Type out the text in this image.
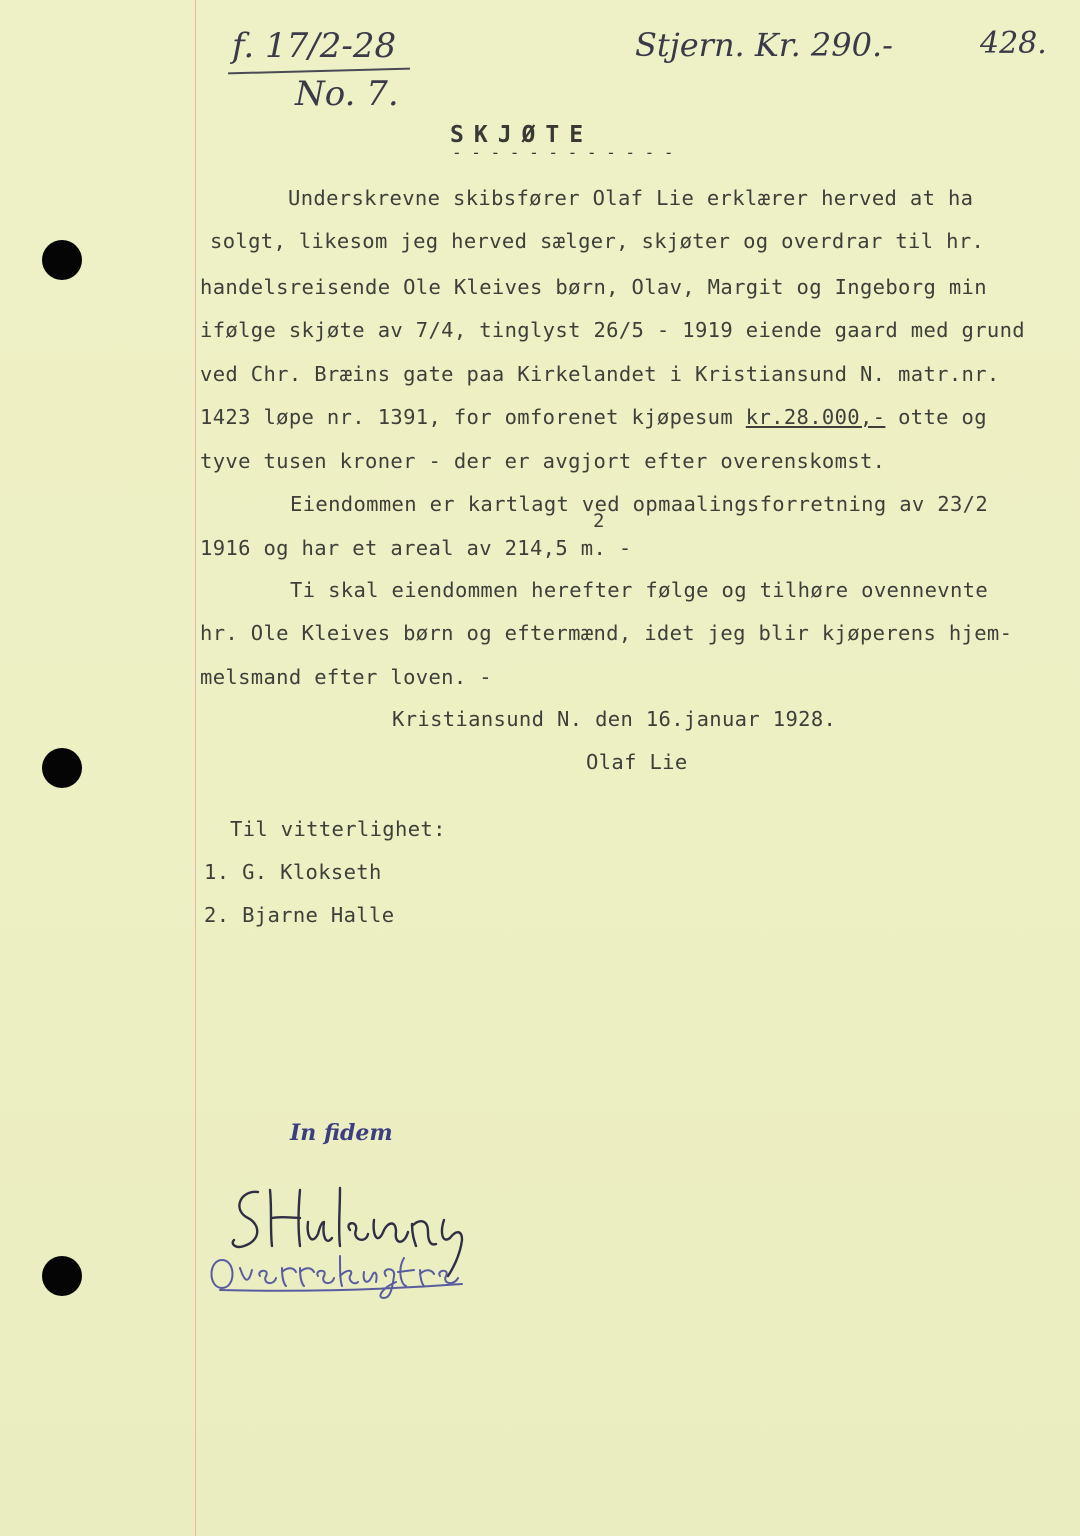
f. 17/2-28
No. 7.
Stjern. Kr. 290.-	428.
SKJØTE
- - - - - - - - - - - -
Underskrevne skibsfører Olaf Lie erklærer herved at ha
solgt, likesom jeg herved sælger, skjøter og overdrar til hr.
handelsreisende Ole Kleives børn, Olav, Margit og Ingeborg min
ifølge skjøte av 7/4, tinglyst 26/5 - 1919 eiende gaard med grund
ved Chr. Bræins gate paa Kirkelandet i Kristiansund N. matr.nr.
1423 løpe nr. 1391, for omforenet kjøpesum kr.28.000,- otte og
tyve tusen kroner - der er avgjort efter overenskomst.
Eiendommen er kartlagt ved opmaalingsforretning av 23/2
2
1916 og har et areal av 214,5 m. -
Ti skal eiendommen herefter følge og tilhøre ovennevnte
hr. Ole Kleives børn og eftermænd, idet jeg blir kjøperens hjem-
melsmand efter loven. -
Kristiansund N. den 16.januar 1928.
Olaf Lie
Til vitterlighet:
1. G. Klokseth
2. Bjarne Halle
In fidem
